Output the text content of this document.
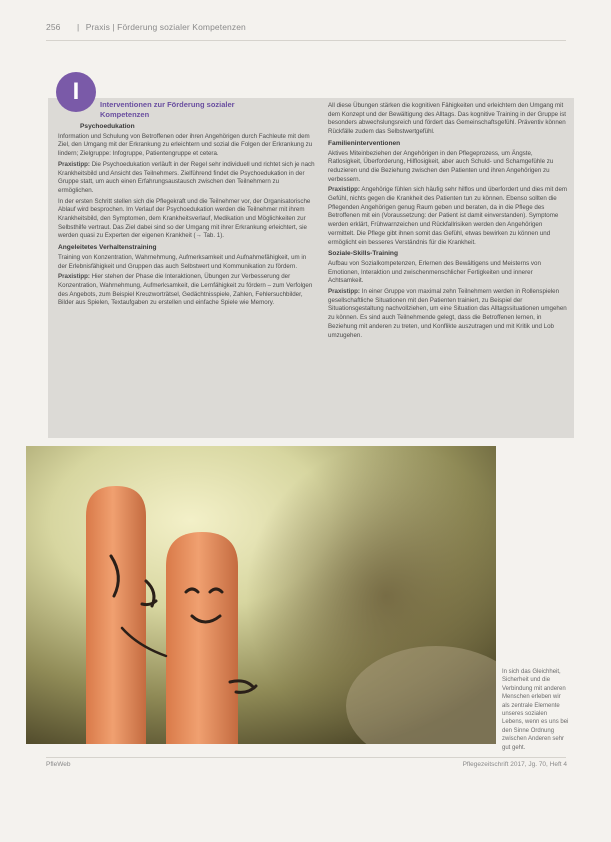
256 | Praxis | Förderung sozialer Kompetenzen
I	Interventionen zur Förderung sozialer Kompetenzen
Psychoedukation

Information und Schulung von Betroffenen oder ihren Angehörigen durch Fachleute mit dem Ziel, den Umgang mit der Erkrankung zu erleichtern und sozial die Folgen der Erkrankung zu lindern; Zielgruppe: Infogruppe, Patientengruppe et cetera.

Praxistipp: Die Psychoedukation verläuft in der Regel sehr individuell und richtet sich je nach Krankheitsbild und Ansicht des Teilnehmers. Zielführend findet die Psychoedukation in der Gruppe statt, um auch einen Erfahrungsaustausch zwischen den Teilnehmern zu ermöglichen.

In der ersten Schritt stellen sich die Pflegekraft und die Teilnehmer vor, der Organisatorische Ablauf wird besprochen. Im Verlauf der Psychoedukation werden die Teilnehmer mit ihrem Krankheitsbild, den Symptomen, dem Krankheitsverlauf, Medikation und Möglichkeiten zur Selbsthilfe vertraut. Das Ziel dabei sind so der Umgang mit ihrer Erkrankung erleichtert, sie werden quasi zu Experten der eigenen Krankheit (→ Tab. 1).

Angeleitetes Verhaltenstraining

Training von Konzentration, Wahrnehmung, Aufmerksamkeit und Aufnahmefähigkeit, um in der Erlebnisfähigkeit und Gruppen das auch Selbstwert und Kommunikation zu fördern.

Praxistipp: Hier stehen der Phase die Interaktionen, Übungen zur Verbesserung der Konzentration, Wahrnehmung, Aufmerksamkeit, die Lernfähigkeit zu fördern – zum Verfolgen des Angebots, zum Beispiel Kreuzworträtsel, Gedächtnisspiele, Zahlen, Fehlersuchbilder, Bilder aus Spielen, Textaufgaben zu erstellen und einfache Spiele wie Memory.

All diese Übungen stärken die kognitiven Fähigkeiten und erleichtern den Umgang mit dem Konzept und der Bewältigung des Alltags. Das kognitive Training in der Gruppe ist besonders abwechslungsreich und fördert das Gemeinschaftsgefühl. Präventiv können Rückfälle zudem das Selbstwertgefühl.

Familieninterventionen

Aktives Miteinbeziehen der Angehörigen in den Pflegeprozess, um Ängste, Ratlosigkeit, Überforderung, Hilflosigkeit, aber auch Schuld- und Schamgefühle zu reduzieren und die Beziehung zwischen den Patienten und ihren Angehörigen zu verbessern.

Praxistipp: Angehörige fühlen sich häufig sehr hilflos und überfordert und dies mit dem Gefühl, nichts gegen die Krankheit des Patienten tun zu können. Ebenso sollten die Pflegenden Angehörigen genug Raum geben und beraten, da in die Pflege des Betroffenen mit ein (Voraussetzung: der Patient ist damit einverstanden). Symptome werden erklärt, Frühwarnzeichen und Rückfallrisiken werden den Angehörigen vermittelt. Die Pflege gibt ihnen somit das Gefühl, etwas bewirken zu können und ermöglicht ein besseres Verständnis für die Krankheit.

Soziale-Skills-Training

Aufbau von Sozialkompetenzen, Erlernen des Bewältigens und Meisterns von Emotionen, Interaktion und zwischenmenschlicher Fertigkeiten und innerer Achtsamkeit.

Praxistipp: In einer Gruppe von maximal zehn Teilnehmern werden in Rollenspielen gesellschaftliche Situationen mit den Patienten trainiert, zu Beispiel der Situationsgestaltung nachvollziehen, um eine Situation das Alltagssituationen umgehen zu können. Es sind auch Teilnehmende gelegt, dass die Betroffenen lernen, in Beziehung mit anderen zu treten, und Konflikte auszutragen und mit Kritik und Lob umzugehen.

In sich das Gleichheit, Sicherheit und die Verbindung mit anderen Menschen erleben wir als zentrale Elemente unseres sozialen Lebens, wenn es uns bei den Sinne Ordnung zwischen Anderen sehr gut geht.
PfleWeb	Pflegezeitschrift 2017, Jg. 70, Heft 4
